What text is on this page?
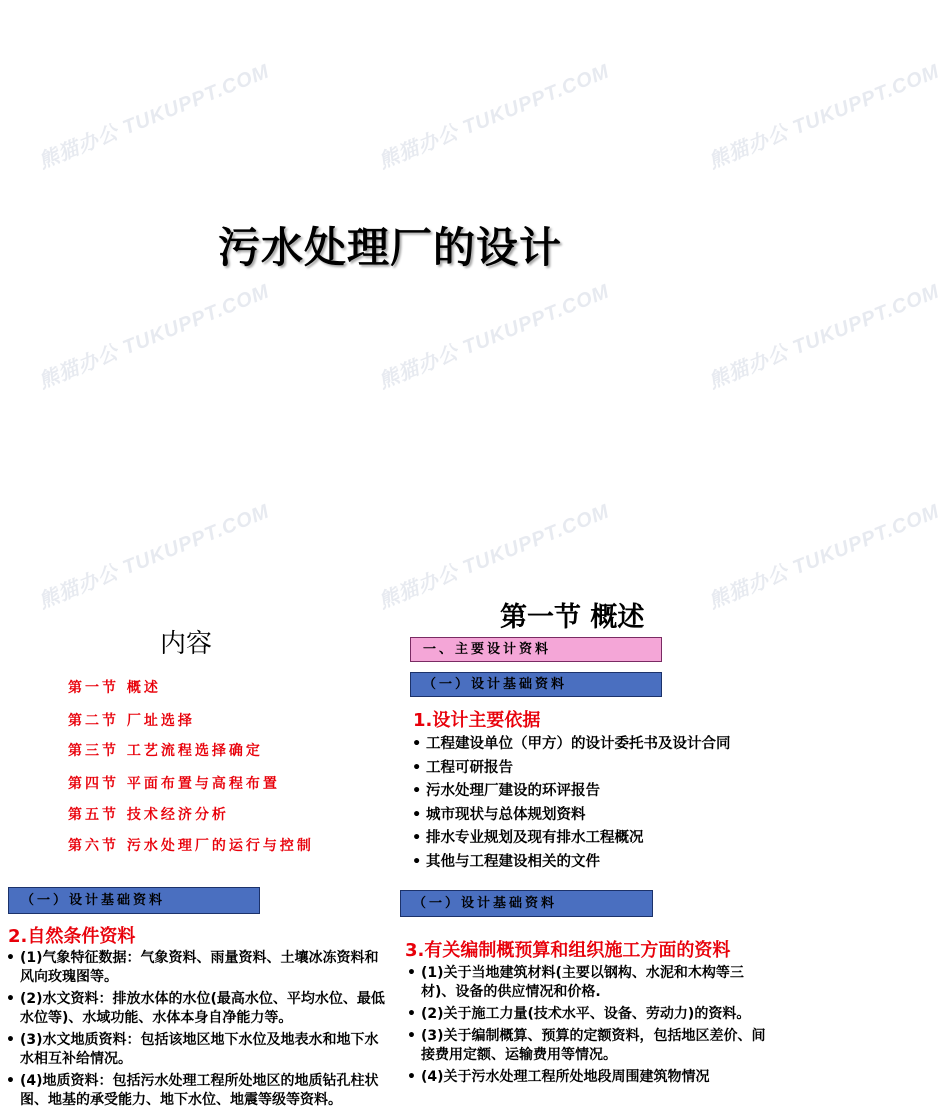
熊猫办公 TUKUPPT.COM	熊猫办公 TUKUPPT.COM	熊猫办公 TUKUPPT.COM
熊猫办公 TUKUPPT.COM	熊猫办公 TUKUPPT.COM	熊猫办公 TUKUPPT.COM
熊猫办公 TUKUPPT.COM	熊猫办公 TUKUPPT.COM	熊猫办公 TUKUPPT.COM
污水处理厂的设计
内容
第一节 概述
第二节 厂址选择
第三节 工艺流程选择确定
第四节 平面布置与高程布置
第五节 技术经济分析
第六节 污水处理厂的运行与控制
第一节 概述
一、主要设计资料
（一）设计基础资料
1.设计主要依据
• 工程建设单位（甲方）的设计委托书及设计合同
• 工程可研报告
• 污水处理厂建设的环评报告
• 城市现状与总体规划资料
• 排水专业规划及现有排水工程概况
• 其他与工程建设相关的文件
（一）设计基础资料
2.自然条件资料
• (1)气象特征数据：气象资料、雨量资料、土壤冰冻资料和风向玫瑰图等。
• (2)水文资料：排放水体的水位(最高水位、平均水位、最低水位等)、水域功能、水体本身自净能力等。
• (3)水文地质资料：包括该地区地下水位及地表水和地下水水相互补给情况。
• (4)地质资料：包括污水处理工程所处地区的地质钻孔柱状图、地基的承受能力、地下水位、地震等级等资料。
（一）设计基础资料
3.有关编制概预算和组织施工方面的资料
• (1)关于当地建筑材料(主要以钢构、水泥和木构等三材)、设备的供应情况和价格.
• (2)关于施工力量(技术水平、设备、劳动力)的资料。
• (3)关于编制概算、预算的定额资料，包括地区差价、间接费用定额、运输费用等情况。
• (4)关于污水处理工程所处地段周围建筑物情况
